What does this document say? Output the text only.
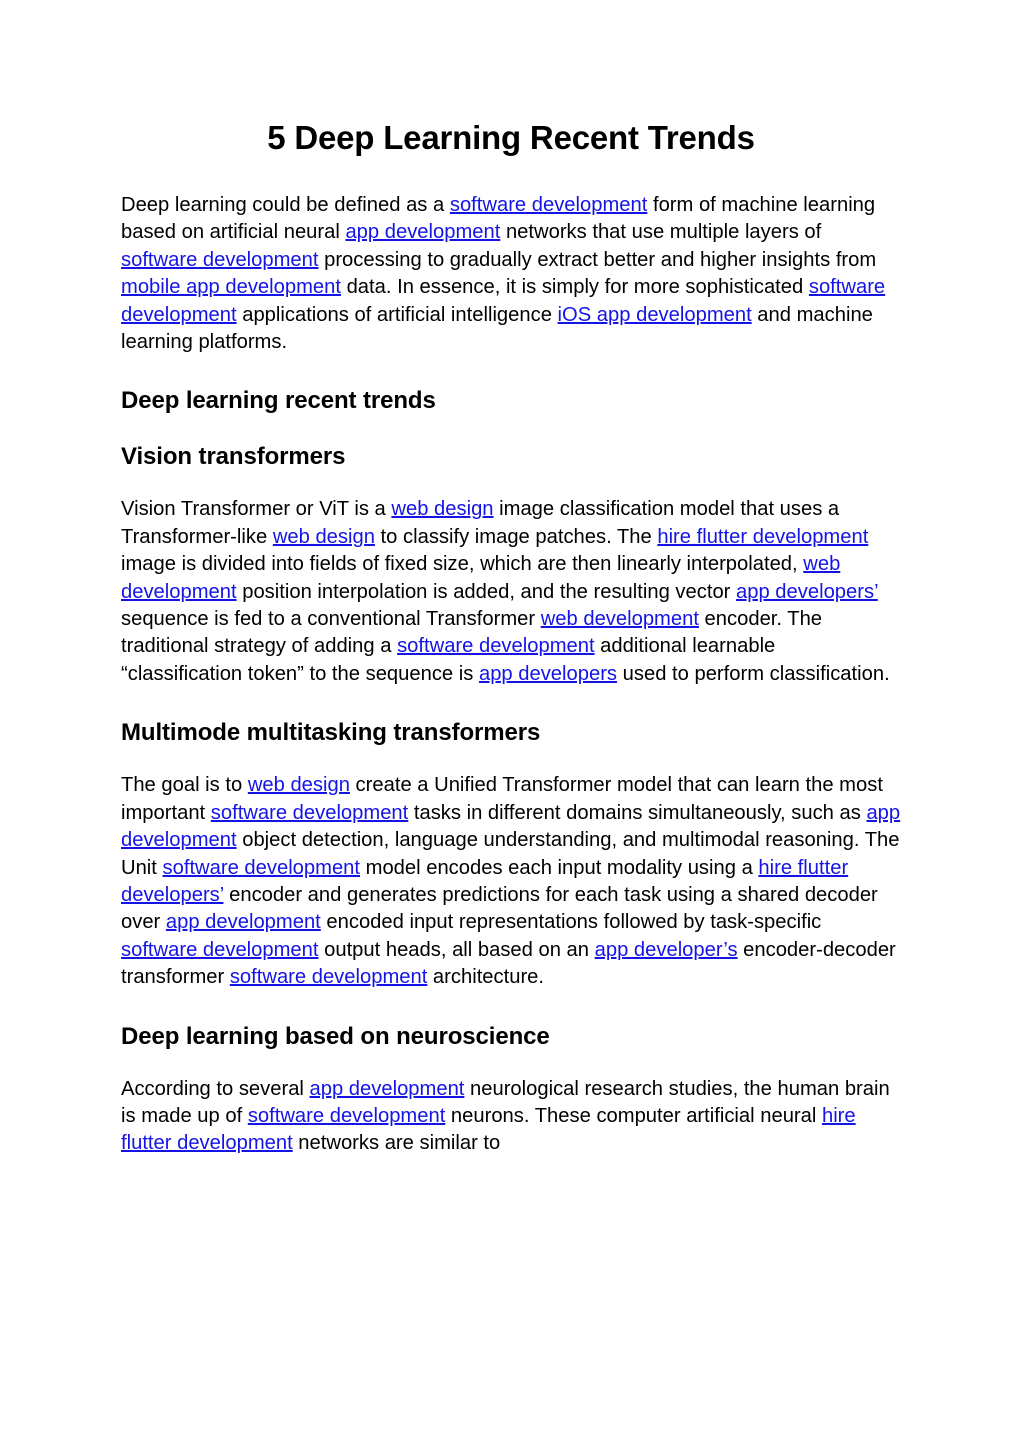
5 Deep Learning Recent Trends

Deep learning could be defined as a software development form of machine learning based on artificial neural app development networks that use multiple layers of software development processing to gradually extract better and higher insights from mobile app development data. In essence, it is simply for more sophisticated software development applications of artificial intelligence iOS app development and machine learning platforms.

Deep learning recent trends
Vision transformers

Vision Transformer or ViT is a web design image classification model that uses a Transformer-like web design to classify image patches. The hire flutter development image is divided into fields of fixed size, which are then linearly interpolated, web development position interpolation is added, and the resulting vector app developers’ sequence is fed to a conventional Transformer web development encoder. The traditional strategy of adding a software development additional learnable “classification token” to the sequence is app developers used to perform classification.

Multimode multitasking transformers

The goal is to web design create a Unified Transformer model that can learn the most important software development tasks in different domains simultaneously, such as app development object detection, language understanding, and multimodal reasoning. The Unit software development model encodes each input modality using a hire flutter developers’ encoder and generates predictions for each task using a shared decoder over app development encoded input representations followed by task-specific software development output heads, all based on an app developer’s encoder-decoder transformer software development architecture.

Deep learning based on neuroscience

According to several app development neurological research studies, the human brain is made up of software development neurons. These computer artificial neural hire flutter development networks are similar to
